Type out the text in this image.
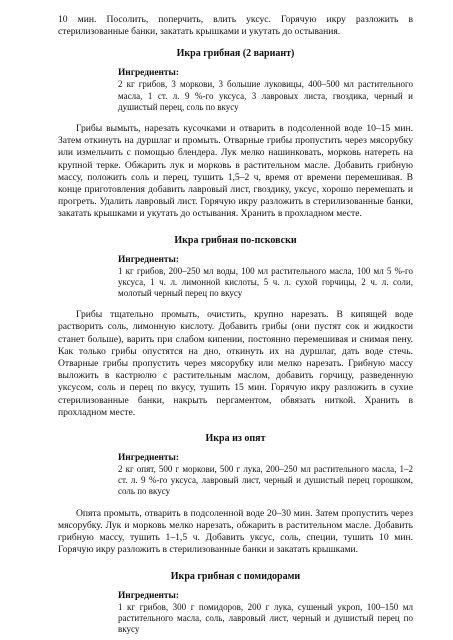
10 мин. Посолить, поперчить, влить уксус. Горячую икру разложить в стерилизованные банки, закатать крышками и укутать до остывания.

Икра грибная (2 вариант)

Ингредиенты:

2 кг грибов, 3 моркови, 3 большие луковицы, 400–500 мл растительного масла, 1 ст. л. 9 %-го уксуса, 3 лавровых листа, гвоздика, черный и душистый перец, соль по вкусу

Грибы вымыть, нарезать кусочками и отварить в подсоленной воде 10–15 мин. Затем откинуть на дуршлаг и промыть. Отварные грибы пропустить через мясорубку или измельчить с помощью блендера. Лук мелко нашинковать, морковь натереть на крупной терке. Обжарить лук и морковь в растительном масле. Добавить грибную массу, положить соль и перец, тушить 1,5–2 ч, время от времени перемешивая. В конце приготовления добавить лавровый лист, гвоздику, уксус, хорошо перемешать и прогреть. Удалить лавровый лист. Горячую икру разложить в стерилизованные банки, закатать крышками и укутать до остывания. Хранить в прохладном месте.

Икра грибная по-псковски

Ингредиенты:

1 кг грибов, 200–250 мл воды, 100 мл растительного масла, 100 мл 5 %-го уксуса, 1 ч. л. лимонной кислоты, 5 ч. л. сухой горчицы, 2 ч. л. соли, молотый черный перец по вкусу

Грибы тщательно промыть, очистить, крупно нарезать. В кипящей воде растворить соль, лимонную кислоту. Добавить грибы (они пустят сок и жидкости станет больше), варить при слабом кипении, постоянно перемешивая и снимая пену. Как только грибы опустятся на дно, откинуть их на дуршлаг, дать воде стечь. Отварные грибы пропустить через мясорубку или мелко нарезать. Грибную массу выложить в кастрюлю с растительным маслом, добавить горчицу, разведенную уксусом, соль и перец по вкусу, тушить 15 мин. Горячую икру разложить в сухие стерилизованные банки, накрыть пергаментом, обвязать ниткой. Хранить в прохладном месте.

Икра из опят

Ингредиенты:

2 кг опят, 500 г моркови, 500 г лука, 200–250 мл растительного масла, 1–2 ст. л. 9 %-го уксуса, лавровый лист, черный и душистый перец горошком, соль по вкусу

Опята промыть, отварить в подсоленной воде 20–30 мин. Затем пропустить через мясорубку. Лук и морковь мелко нарезать, обжарить в растительном масле. Добавить грибную массу, тушить 1–1,5 ч. Добавить уксус, соль, специи, тушить 10 мин. Горячую икру разложить в стерилизованные банки и закатать крышками.

Икра грибная с помидорами

Ингредиенты:

1 кг грибов, 300 г помидоров, 200 г лука, сушеный укроп, 100–150 мл растительного масла, соль, лавровый лист, черный и душистый перец по вкусу
